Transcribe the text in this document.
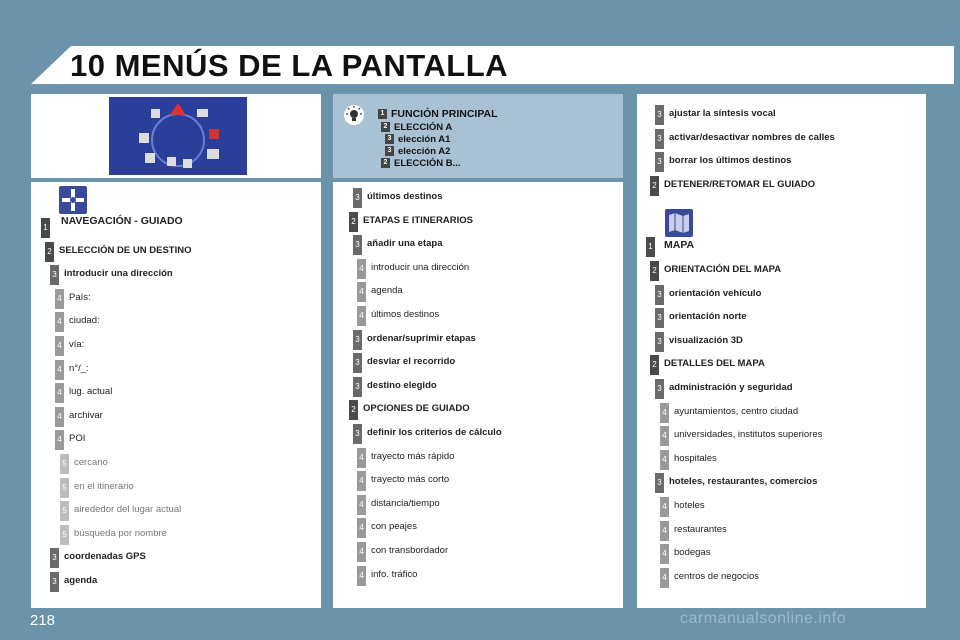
10 MENÚS DE LA PANTALLA
1 FUNCIÓN PRINCIPAL
2 ELECCIÓN A
3 elección A1
3 elección A2
2 ELECCIÓN B...
NAVEGACIÓN - GUIADO
1
2 SELECCIÓN DE UN DESTINO
3 introducir una dirección
4 País:
4 ciudad:
4 vía:
4 n°/_:
4 lug. actual
4 archivar
4 POI
5 cercano
5 en el itinerario
5 alrededor del lugar actual
5 búsqueda por nombre
3 coordenadas GPS
3 agenda
3 últimos destinos
2 ETAPAS E ITINERARIOS
3 añadir una etapa
4 introducir una dirección
4 agenda
4 últimos destinos
3 ordenar/suprimir etapas
3 desviar el recorrido
3 destino elegido
2 OPCIONES DE GUIADO
3 definir los criterios de cálculo
4 trayecto más rápido
4 trayecto más corto
4 distancia/tiempo
4 con peajes
4 con transbordador
4 info. tráfico
MAPA
3 ajustar la síntesis vocal
3 activar/desactivar nombres de calles
3 borrar los últimos destinos
2 DETENER/RETOMAR EL GUIADO
1
2 ORIENTACIÓN DEL MAPA
3 orientación vehículo
3 orientación norte
3 visualización 3D
2 DETALLES DEL MAPA
3 administración y seguridad
4 ayuntamientos, centro ciudad
4 universidades, institutos superiores
4 hospitales
3 hoteles, restaurantes, comercios
4 hoteles
4 restaurantes
4 bodegas
4 centros de negocios
218	carmanualsonline.info
